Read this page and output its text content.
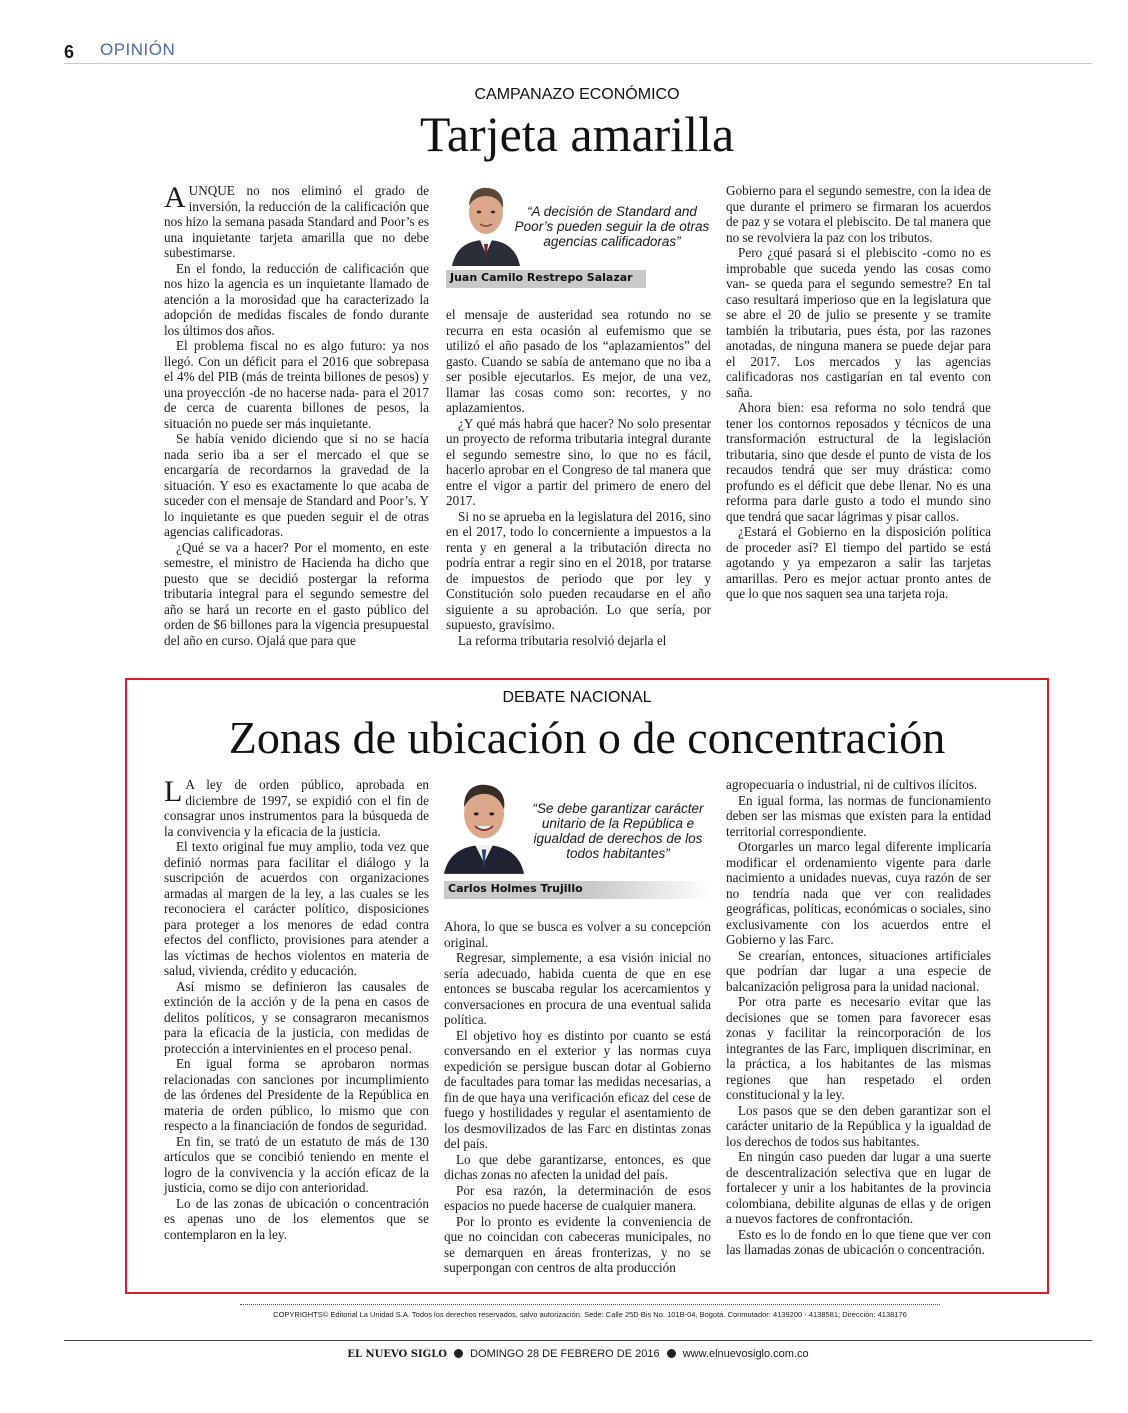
6 OPINIÓN
CAMPANAZO ECONÓMICO
Tarjeta amarilla

AUNQUE no nos eliminó el grado de inversión, la reducción de la calificación que nos hizo la semana pasada Standard and Poor’s es una inquietante tarjeta amarilla que no debe subestimarse.

En el fondo, la reducción de calificación que nos hizo la agencia es un inquietante llamado de atención a la morosidad que ha caracterizado la adopción de medidas fiscales de fondo durante los últimos dos años.

El problema fiscal no es algo futuro: ya nos llegó. Con un déficit para el 2016 que sobrepasa el 4% del PIB (más de treinta billones de pesos) y una proyección -de no hacerse nada- para el 2017 de cerca de cuarenta billones de pesos, la situación no puede ser más inquietante.

Se había venido diciendo que si no se hacía nada serio iba a ser el mercado el que se encargaría de recordarnos la gravedad de la situación. Y eso es exactamente lo que acaba de suceder con el mensaje de Standard and Poor’s. Y lo inquietante es que pueden seguir el de otras agencias calificadoras.

¿Qué se va a hacer? Por el momento, en este semestre, el ministro de Hacienda ha dicho que puesto que se decidió postergar la reforma tributaria integral para el segundo semestre del año se hará un recorte en el gasto público del orden de $6 billones para la vigencia presupuestal del año en curso. Ojalá que para que

“A decisión de Standard and Poor’s pueden seguir la de otras agencias calificadoras”
Juan Camilo Restrepo Salazar

el mensaje de austeridad sea rotundo no se recurra en esta ocasión al eufemismo que se utilizó el año pasado de los “aplazamientos” del gasto. Cuando se sabía de antemano que no iba a ser posible ejecutarlos. Es mejor, de una vez, llamar las cosas como son: recortes, y no aplazamientos.

¿Y qué más habrá que hacer? No solo presentar un proyecto de reforma tributaria integral durante el segundo semestre sino, lo que no es fácil, hacerlo aprobar en el Congreso de tal manera que entre el vigor a partir del primero de enero del 2017.

Si no se aprueba en la legislatura del 2016, sino en el 2017, todo lo concerniente a impuestos a la renta y en general a la tributación directa no podría entrar a regir sino en el 2018, por tratarse de impuestos de periodo que por ley y Constitución solo pueden recaudarse en el año siguiente a su aprobación. Lo que sería, por supuesto, gravísimo.

La reforma tributaria resolvió dejarla el

Gobierno para el segundo semestre, con la idea de que durante el primero se firmaran los acuerdos de paz y se votara el plebiscito. De tal manera que no se revolviera la paz con los tributos.

Pero ¿qué pasará si el plebiscito -como no es improbable que suceda yendo las cosas como van- se queda para el segundo semestre? En tal caso resultará imperioso que en la legislatura que se abre el 20 de julio se presente y se tramite también la tributaria, pues ésta, por las razones anotadas, de ninguna manera se puede dejar para el 2017. Los mercados y las agencias calificadoras nos castigarían en tal evento con saña.

Ahora bien: esa reforma no solo tendrá que tener los contornos reposados y técnicos de una transformación estructural de la legislación tributaria, sino que desde el punto de vista de los recaudos tendrá que ser muy drástica: como profundo es el déficit que debe llenar. No es una reforma para darle gusto a todo el mundo sino que tendrá que sacar lágrimas y pisar callos.

¿Estará el Gobierno en la disposición política de proceder así? El tiempo del partido se está agotando y ya empezaron a salir las tarjetas amarillas. Pero es mejor actuar pronto antes de que lo que nos saquen sea una tarjeta roja.

DEBATE NACIONAL
Zonas de ubicación o de concentración

L A ley de orden público, aprobada en diciembre de 1997, se expidió con el fin de consagrar unos instrumentos para la búsqueda de la convivencia y la eficacia de la justicia.

El texto original fue muy amplio, toda vez que definió normas para facilitar el diálogo y la suscripción de acuerdos con organizaciones armadas al margen de la ley, a las cuales se les reconociera el carácter político, disposiciones para proteger a los menores de edad contra efectos del conflicto, provisiones para atender a las víctimas de hechos violentos en materia de salud, vivienda, crédito y educación.

Así mismo se definieron las causales de extinción de la acción y de la pena en casos de delitos políticos, y se consagraron mecanismos para la eficacia de la justicia, con medidas de protección a intervinientes en el proceso penal.

En igual forma se aprobaron normas relacionadas con sanciones por incumplimiento de las órdenes del Presidente de la República en materia de orden público, lo mismo que con respecto a la financiación de fondos de seguridad.

En fin, se trató de un estatuto de más de 130 artículos que se concibió teniendo en mente el logro de la convivencia y la acción eficaz de la justicia, como se dijo con anterioridad.

Lo de las zonas de ubicación o concentración es apenas uno de los elementos que se contemplaron en la ley.

“Se debe garantizar carácter unitario de la República e igualdad de derechos de los todos habitantes”
Carlos Holmes Trujillo

Ahora, lo que se busca es volver a su concepción original.

Regresar, simplemente, a esa visión inicial no sería adecuado, habida cuenta de que en ese entonces se buscaba regular los acercamientos y conversaciones en procura de una eventual salida política.

El objetivo hoy es distinto por cuanto se está conversando en el exterior y las normas cuya expedición se persigue buscan dotar al Gobierno de facultades para tomar las medidas necesarias, a fin de que haya una verificación eficaz del cese de fuego y hostilidades y regular el asentamiento de los desmovilizados de las Farc en distintas zonas del país.

Lo que debe garantizarse, entonces, es que dichas zonas no afecten la unidad del país.

Por esa razón, la determinación de esos espacios no puede hacerse de cualquier manera.

Por lo pronto es evidente la conveniencia de que no coincidan con cabeceras municipales, no se demarquen en áreas fronterizas, y no se superpongan con centros de alta producción

agropecuaria o industrial, ni de cultivos ilícitos.

En igual forma, las normas de funcionamiento deben ser las mismas que existen para la entidad territorial correspondiente.

Otorgarles un marco legal diferente implicaría modificar el ordenamiento vigente para darle nacimiento a unidades nuevas, cuya razón de ser no tendría nada que ver con realidades geográficas, políticas, económicas o sociales, sino exclusivamente con los acuerdos entre el Gobierno y las Farc.

Se crearían, entonces, situaciones artificiales que podrían dar lugar a una especie de balcanización peligrosa para la unidad nacional.

Por otra parte es necesario evitar que las decisiones que se tomen para favorecer esas zonas y facilitar la reincorporación de los integrantes de las Farc, impliquen discriminar, en la práctica, a los habitantes de las mismas regiones que han respetado el orden constitucional y la ley.

Los pasos que se den deben garantizar son el carácter unitario de la República y la igualdad de los derechos de todos sus habitantes.

En ningún caso pueden dar lugar a una suerte de descentralización selectiva que en lugar de fortalecer y unir a los habitantes de la provincia colombiana, debilite algunas de ellas y de origen a nuevos factores de confrontación.

Esto es lo de fondo en lo que tiene que ver con las llamadas zonas de ubicación o concentración.

COPYRIGHTS© Editorial La Unidad S.A. Todos los derechos reservados, salvo autorización. Sede: Calle 25D Bis No. 101B-04, Bogotá. Conmutador: 4139200 - 4138581; Dirección: 4138176
EL NUEVO SIGLO DOMINGO 28 DE FEBRERO DE 2016 www.elnuevosiglo.com.co
